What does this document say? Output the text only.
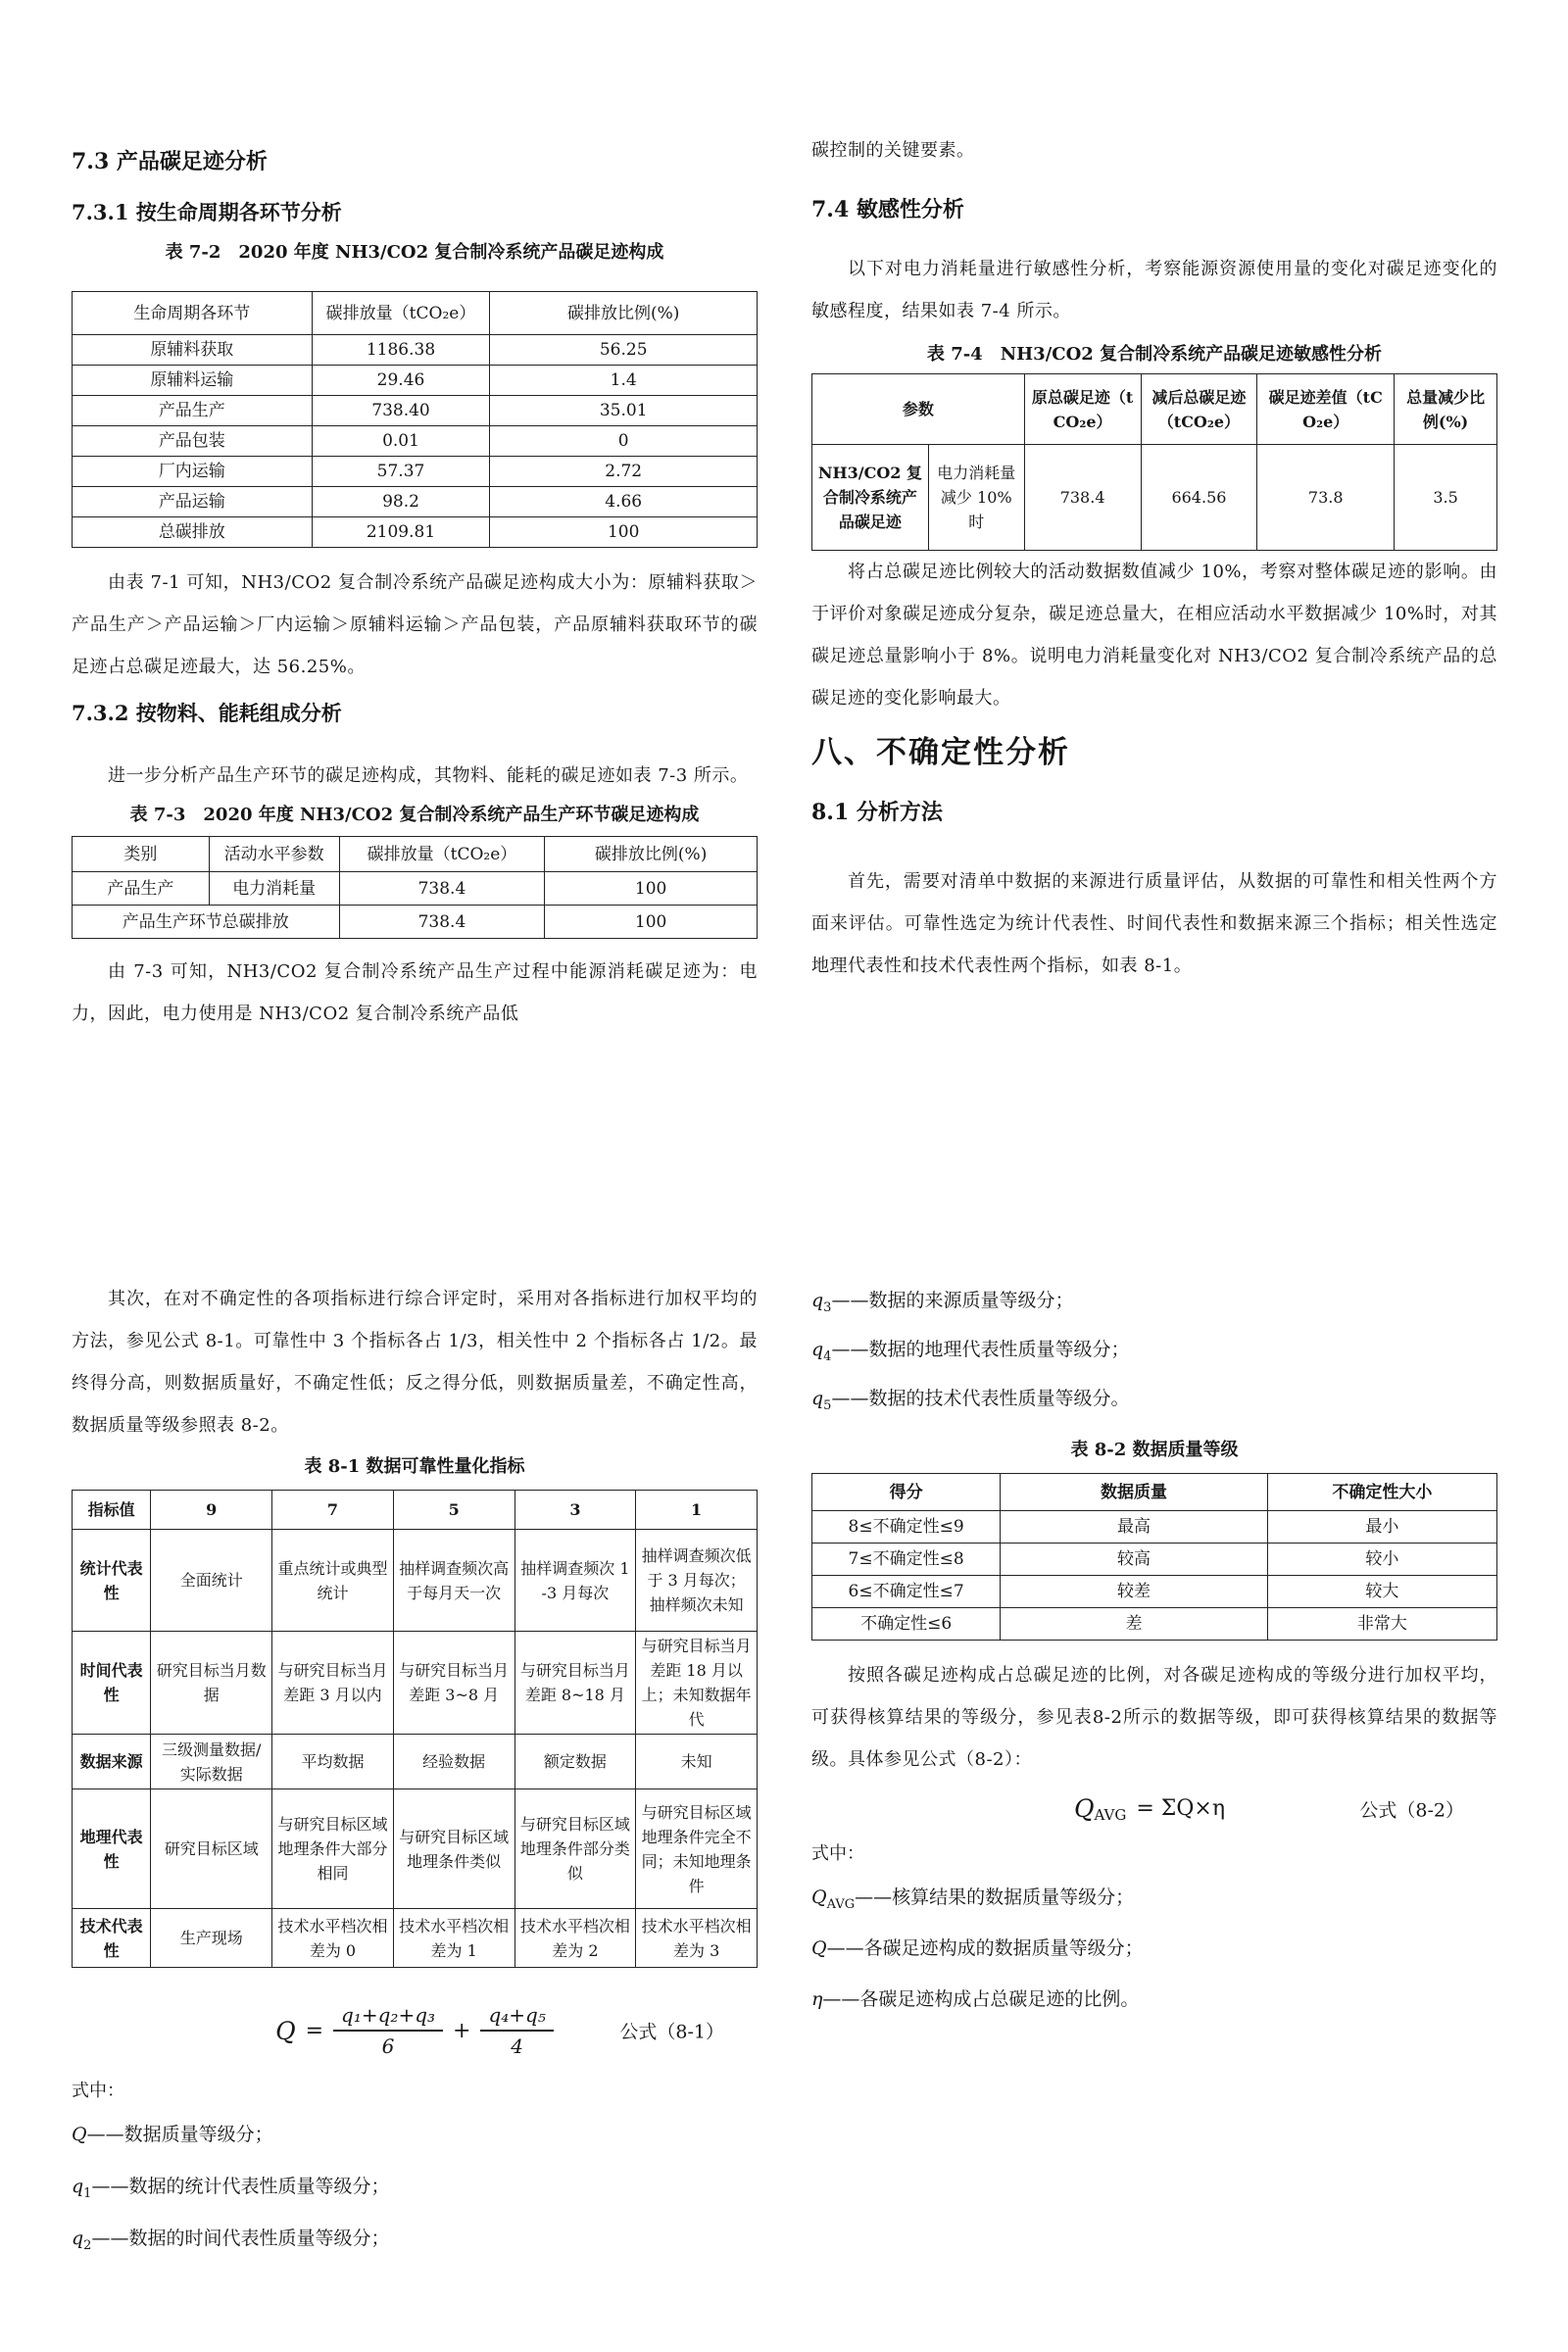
7.3 产品碳足迹分析
7.3.1 按生命周期各环节分析
表 7-2　2020 年度 NH3/CO2 复合制冷系统产品碳足迹构成
生命周期各环节	碳排放量（tCO₂e）	碳排放比例(%)
原辅料获取	1186.38	56.25
原辅料运输	29.46	1.4
产品生产	738.40	35.01
产品包装	0.01	0
厂内运输	57.37	2.72
产品运输	98.2	4.66
总碳排放	2109.81	100
由表 7-1 可知，NH3/CO2 复合制冷系统产品碳足迹构成大小为：原辅料获取＞产品生产＞产品运输＞厂内运输＞原辅料运输＞产品包装，产品原辅料获取环节的碳足迹占总碳足迹最大，达 56.25%。
7.3.2 按物料、能耗组成分析
进一步分析产品生产环节的碳足迹构成，其物料、能耗的碳足迹如表 7-3 所示。
表 7-3　2020 年度 NH3/CO2 复合制冷系统产品生产环节碳足迹构成
类别	活动水平参数	碳排放量（tCO₂e）	碳排放比例(%)
产品生产	电力消耗量	738.4	100
产品生产环节总碳排放		738.4	100
由 7-3 可知，NH3/CO2 复合制冷系统产品生产过程中能源消耗碳足迹为：电力，因此，电力使用是 NH3/CO2 复合制冷系统产品低
碳控制的关键要素。
7.4 敏感性分析
以下对电力消耗量进行敏感性分析，考察能源资源使用量的变化对碳足迹变化的敏感程度，结果如表 7-4 所示。
表 7-4　NH3/CO2 复合制冷系统产品碳足迹敏感性分析
参数		原总碳足迹（tCO₂e）	减后总碳足迹（tCO₂e）	碳足迹差值（tCO₂e）	总量减少比例(%)
NH3/CO2 复合制冷系统产品碳足迹	电力消耗量减少 10%时	738.4	664.56	73.8	3.5
将占总碳足迹比例较大的活动数据数值减少 10%，考察对整体碳足迹的影响。由于评价对象碳足迹成分复杂，碳足迹总量大，在相应活动水平数据减少 10%时，对其碳足迹总量影响小于 8%。说明电力消耗量变化对 NH3/CO2 复合制冷系统产品的总碳足迹的变化影响最大。
八、不确定性分析
8.1 分析方法
首先，需要对清单中数据的来源进行质量评估，从数据的可靠性和相关性两个方面来评估。可靠性选定为统计代表性、时间代表性和数据来源三个指标；相关性选定地理代表性和技术代表性两个指标，如表 8-1。
其次，在对不确定性的各项指标进行综合评定时，采用对各指标进行加权平均的方法，参见公式 8-1。可靠性中 3 个指标各占 1/3，相关性中 2 个指标各占 1/2。最终得分高，则数据质量好，不确定性低；反之得分低，则数据质量差，不确定性高，数据质量等级参照表 8-2。
表 8-1 数据可靠性量化指标
指标值	9	7	5	3	1
统计代表性	全面统计	重点统计或典型统计	抽样调查频次高于每月天一次	抽样调查频次 1-3 月每次	抽样调查频次低于 3 月每次；抽样频次未知
时间代表性	研究目标当月数据	与研究目标当月差距 3 月以内	与研究目标当月差距 3~8 月	与研究目标当月差距 8~18 月	与研究目标当月差距 18 月以上；未知数据年代
数据来源	三级测量数据/实际数据	平均数据	经验数据	额定数据	未知
地理代表性	研究目标区域	与研究目标区域地理条件大部分相同	与研究目标区域地理条件类似	与研究目标区域地理条件部分类似	与研究目标区域地理条件完全不同；未知地理条件
技术代表性	生产现场	技术水平档次相差为 0	技术水平档次相差为 1	技术水平档次相差为 2	技术水平档次相差为 3
$Q = \frac{\text{q₁+q₂+q₃}}{6} + \frac{\text{q₄+q₅}}{4}$	公式（8-1）
式中：
Q——数据质量等级分；
$q_1——$数据的统计代表性质量等级分；
$q_2——$数据的时间代表性质量等级分；
$q_3——$数据的来源质量等级分；
$q_4——$数据的地理代表性质量等级分；
$q_5——$数据的技术代表性质量等级分。
表 8-2 数据质量等级
得分	数据质量	不确定性大小
8≤不确定性≤9	最高	最小
7≤不确定性≤8	较高	较小
6≤不确定性≤7	较差	较大
不确定性≤6	差	非常大
按照各碳足迹构成占总碳足迹的比例，对各碳足迹构成的等级分进行加权平均，可获得核算结果的等级分，参见表8-2所示的数据等级，即可获得核算结果的数据等级。具体参见公式（8-2）：
Q AVG = ΣQ×η	公式（8-2）
式中：
$Q_{AVG}——$核算结果的数据质量等级分；
Q——各碳足迹构成的数据质量等级分；
η——各碳足迹构成占总碳足迹的比例。
